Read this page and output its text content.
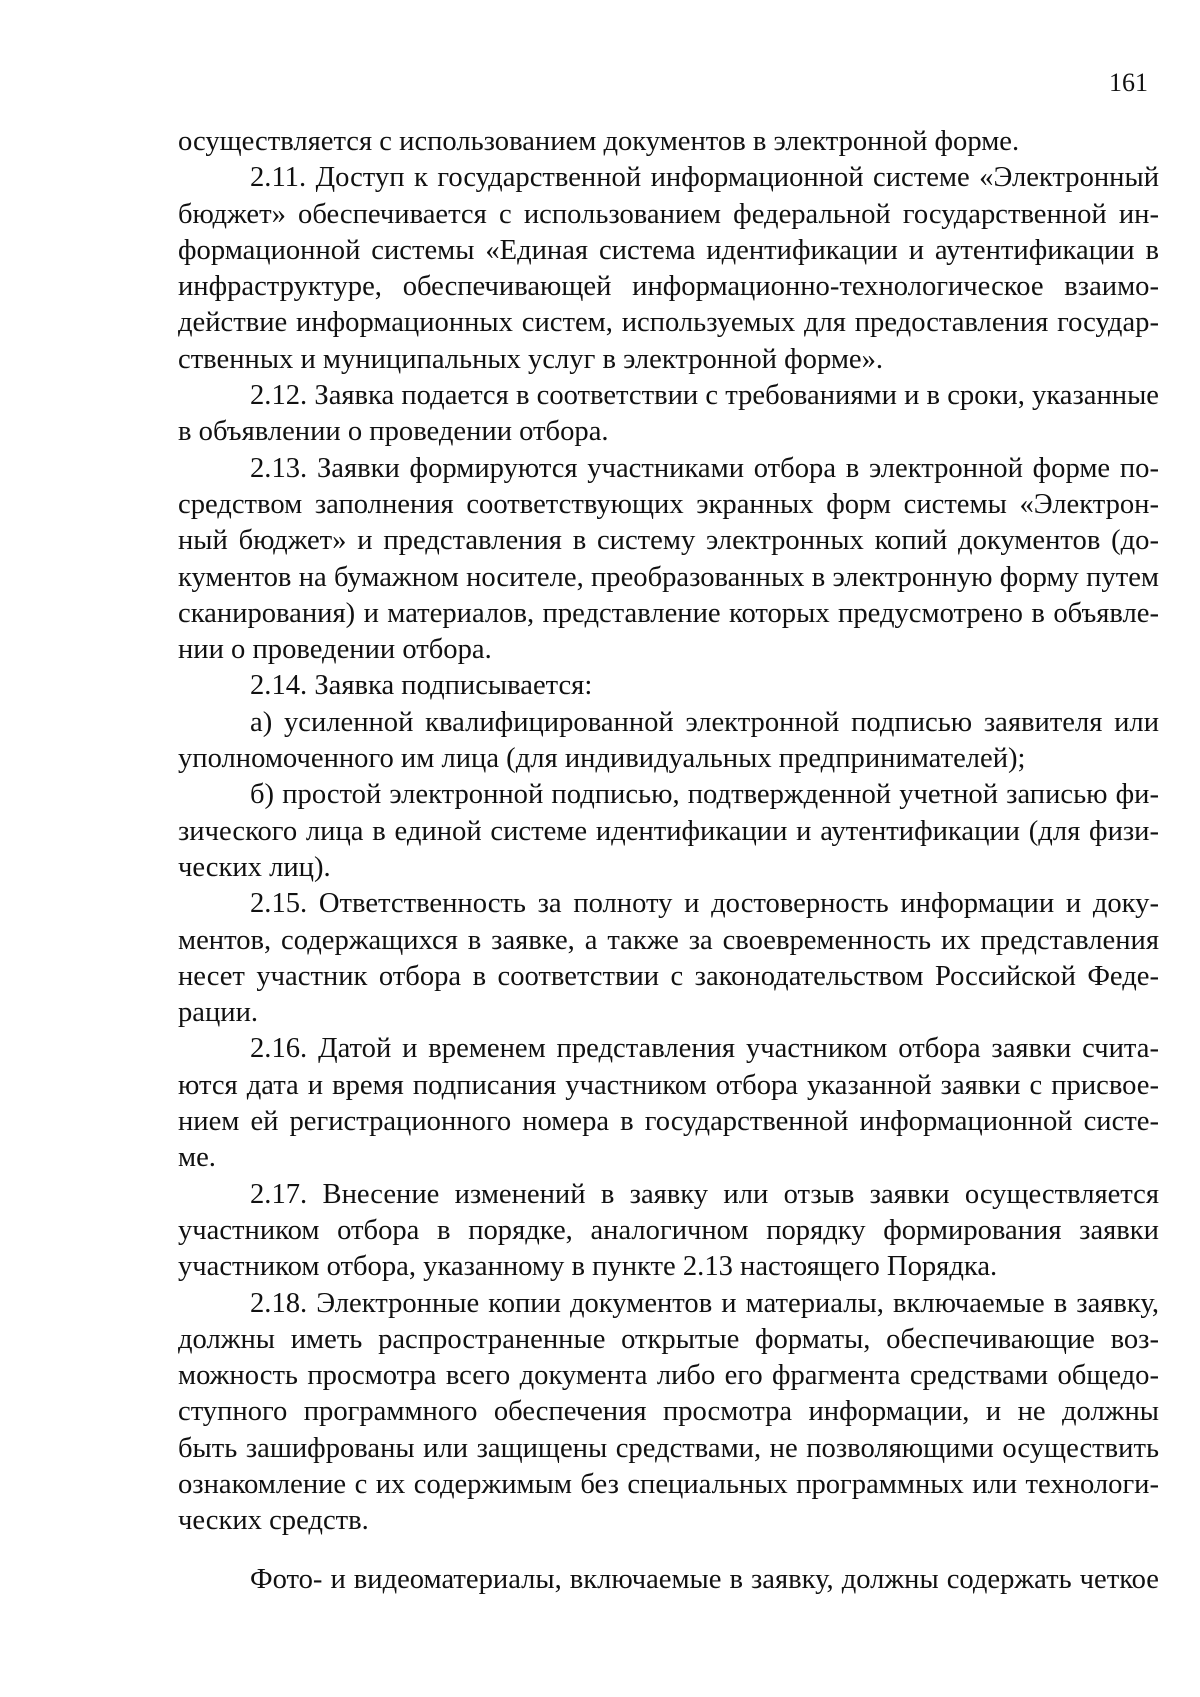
161
осуществляется с использованием документов в электронной форме.
2.11. Доступ к государственной информационной системе «Электронный
бюджет» обеспечивается с использованием федеральной государственной ин-
формационной системы «Единая система идентификации и аутентификации в
инфраструктуре, обеспечивающей информационно-технологическое взаимо-
действие информационных систем, используемых для предоставления государ-
ственных и муниципальных услуг в электронной форме».
2.12. Заявка подается в соответствии с требованиями и в сроки, указанные
в объявлении о проведении отбора.
2.13. Заявки формируются участниками отбора в электронной форме по-
средством заполнения соответствующих экранных форм системы «Электрон-
ный бюджет» и представления в систему электронных копий документов (до-
кументов на бумажном носителе, преобразованных в электронную форму путем
сканирования) и материалов, представление которых предусмотрено в объявле-
нии о проведении отбора.
2.14. Заявка подписывается:
а) усиленной квалифицированной электронной подписью заявителя или
уполномоченного им лица (для индивидуальных предпринимателей);
б) простой электронной подписью, подтвержденной учетной записью фи-
зического лица в единой системе идентификации и аутентификации (для физи-
ческих лиц).
2.15. Ответственность за полноту и достоверность информации и доку-
ментов, содержащихся в заявке, а также за своевременность их представления
несет участник отбора в соответствии с законодательством Российской Феде-
рации.
2.16. Датой и временем представления участником отбора заявки счита-
ются дата и время подписания участником отбора указанной заявки с присвое-
нием ей регистрационного номера в государственной информационной систе-
ме.
2.17. Внесение изменений в заявку или отзыв заявки осуществляется
участником отбора в порядке, аналогичном порядку формирования заявки
участником отбора, указанному в пункте 2.13 настоящего Порядка.
2.18. Электронные копии документов и материалы, включаемые в заявку,
должны иметь распространенные открытые форматы, обеспечивающие воз-
можность просмотра всего документа либо его фрагмента средствами общедо-
ступного программного обеспечения просмотра информации, и не должны
быть зашифрованы или защищены средствами, не позволяющими осуществить
ознакомление с их содержимым без специальных программных или технологи-
ческих средств.
Фото- и видеоматериалы, включаемые в заявку, должны содержать четкое
